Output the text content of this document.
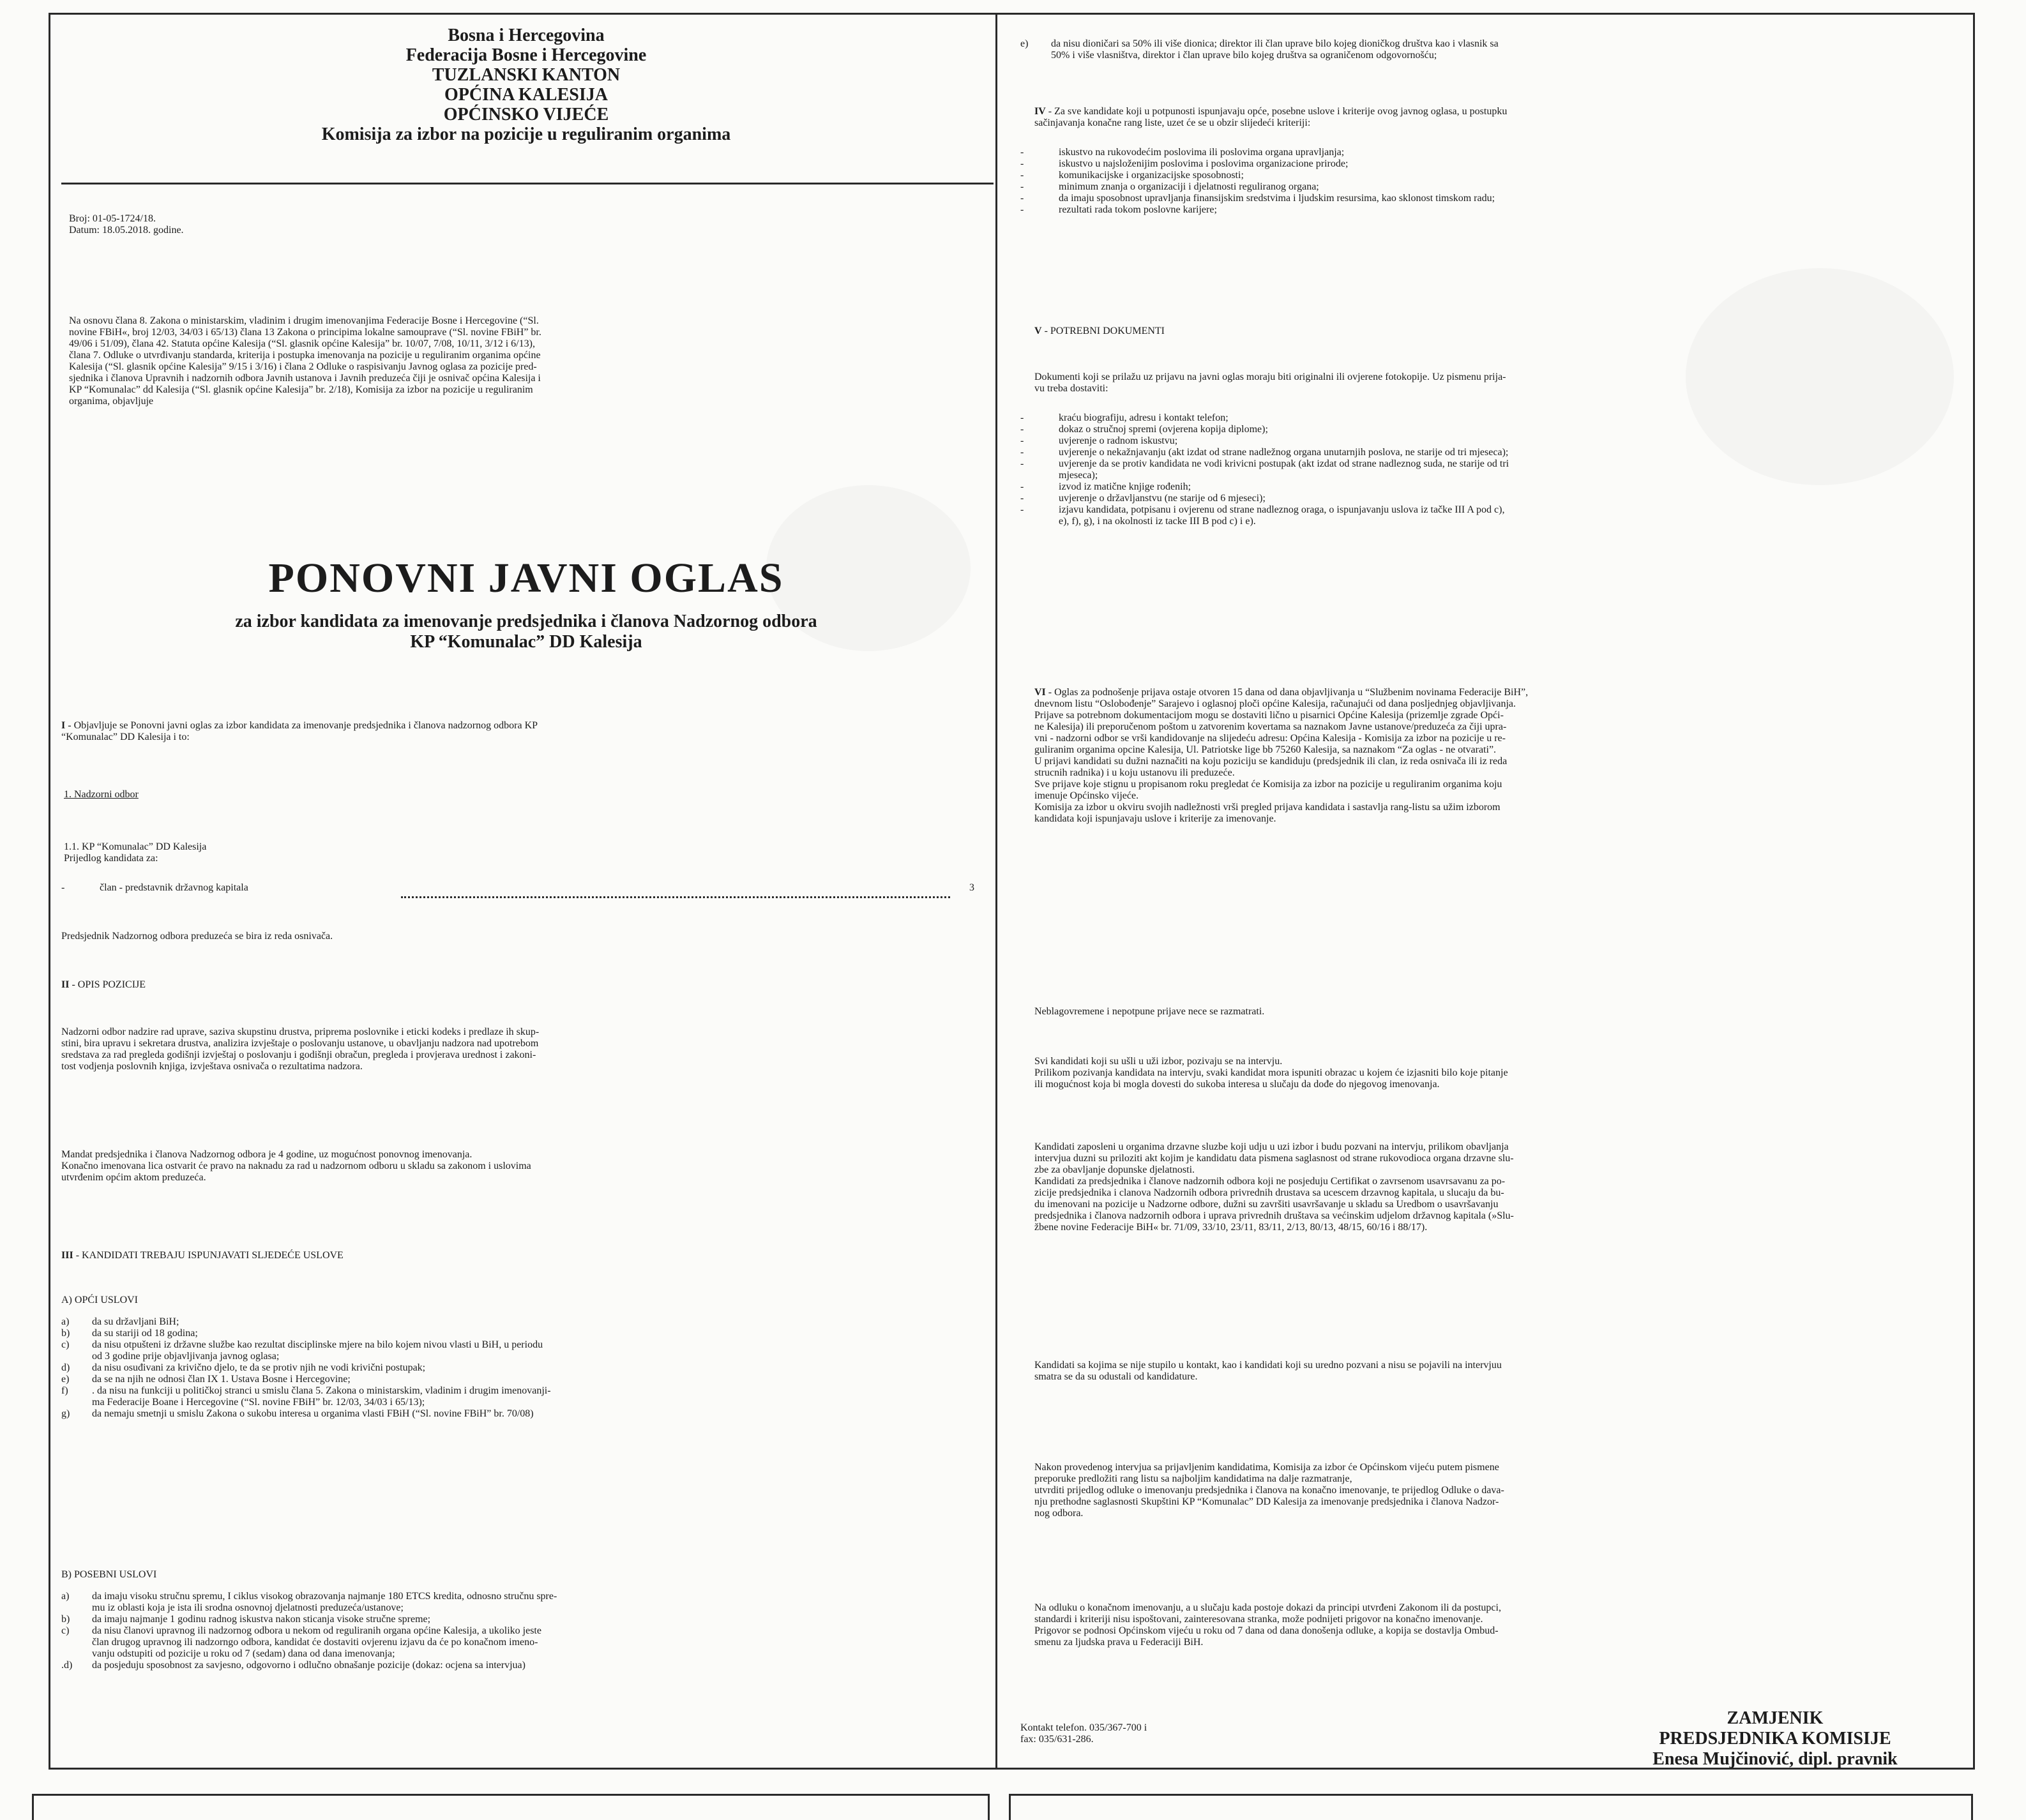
Bosna i Hercegovina
Federacija Bosne i Hercegovine
TUZLANSKI KANTON
OPĆINA KALESIJA
OPĆINSKO VIJEĆE
Komisija za izbor na pozicije u reguliranim organima
Broj: 01-05-1724/18.
Datum: 18.05.2018. godine.
Na osnovu člana 8. Zakona o ministarskim, vladinim i drugim imenovanjima Federacije Bosne i Hercegovine (“Sl.
novine FBiH«, broj 12/03, 34/03 i 65/13) člana 13 Zakona o principima lokalne samouprave (“Sl. novine FBiH” br.
49/06 i 51/09), člana 42. Statuta općine Kalesija (“Sl. glasnik općine Kalesija” br. 10/07, 7/08, 10/11, 3/12 i 6/13),
člana 7. Odluke o utvrđivanju standarda, kriterija i postupka imenovanja na pozicije u reguliranim organima općine
Kalesija (“Sl. glasnik općine Kalesija” 9/15 i 3/16) i člana 2 Odluke o raspisivanju Javnog oglasa za pozicije pred-
sjednika i članova Upravnih i nadzornih odbora Javnih ustanova i Javnih preduzeća čiji je osnivač općina Kalesija i
KP “Komunalac” dd Kalesija (“Sl. glasnik općine Kalesija” br. 2/18), Komisija za izbor na pozicije u reguliranim
organima, objavljuje
PONOVNI JAVNI OGLAS
za izbor kandidata za imenovanje predsjednika i članova Nadzornog odbora
KP “Komunalac” DD Kalesija
I - Objavljuje se Ponovni javni oglas za izbor kandidata za imenovanje predsjednika i članova nadzornog odbora KP
“Komunalac” DD Kalesija i to:
1. Nadzorni odbor
1.1. KP “Komunalac” DD Kalesija
Prijedlog kandidata za:
-	član - predstavnik državnog kapitala	3
Predsjednik Nadzornog odbora preduzeća se bira iz reda osnivača.
II - OPIS POZICIJE
Nadzorni odbor nadzire rad uprave, saziva skupstinu drustva, priprema poslovnike i eticki kodeks i predlaze ih skup-
stini, bira upravu i sekretara drustva, analizira izvještaje o poslovanju ustanove, u obavljanju nadzora nad upotrebom
sredstava za rad pregleda godišnji izvještaj o poslovanju i godišnji obračun, pregleda i provjerava urednost i zakoni-
tost vodjenja poslovnih knjiga, izvještava osnivača o rezultatima nadzora.
Mandat predsjednika i članova Nadzornog odbora je 4 godine, uz mogućnost ponovnog imenovanja.
Konačno imenovana lica ostvarit će pravo na naknadu za rad u nadzornom odboru u skladu sa zakonom i uslovima
utvrđenim općim aktom preduzeća.
III - KANDIDATI TREBAJU ISPUNJAVATI SLJEDEĆE USLOVE
A) OPĆI USLOVI
a) da su državljani BiH;
b) da su stariji od 18 godina;
c) da nisu otpušteni iz državne službe kao rezultat disciplinske mjere na bilo kojem nivou vlasti u BiH, u periodu
od 3 godine prije objavljivanja javnog oglasa;
d) da nisu osuđivani za krivično djelo, te da se protiv njih ne vodi krivični postupak;
e) da se na njih ne odnosi član IX 1. Ustava Bosne i Hercegovine;
f) . da nisu na funkciji u političkoj stranci u smislu člana 5. Zakona o ministarskim, vladinim i drugim imenovanji-
ma Federacije Boane i Hercegovine (“Sl. novine FBiH” br. 12/03, 34/03 i 65/13);
g) da nemaju smetnji u smislu Zakona o sukobu interesa u organima vlasti FBiH (“Sl. novine FBiH” br. 70/08)
B) POSEBNI USLOVI
a) da imaju visoku stručnu spremu, I ciklus visokog obrazovanja najmanje 180 ETCS kredita, odnosno stručnu spre-
mu iz oblasti koja je ista ili srodna osnovnoj djelatnosti preduzeća/ustanove;
b) da imaju najmanje 1 godinu radnog iskustva nakon sticanja visoke stručne spreme;
c) da nisu članovi upravnog ili nadzornog odbora u nekom od reguliranih organa općine Kalesija, a ukoliko jeste
član drugog upravnog ili nadzorngo odbora, kandidat će dostaviti ovjerenu izjavu da će po konačnom imeno-
vanju odstupiti od pozicije u roku od 7 (sedam) dana od dana imenovanja;
.d) da posjeduju sposobnost za savjesno, odgovorno i odlučno obnašanje pozicije (dokaz: ocjena sa intervjua)
e) da nisu dioničari sa 50% ili više dionica; direktor ili član uprave bilo kojeg dioničkog društva kao i vlasnik sa
50% i više vlasništva, direktor i član uprave bilo kojeg društva sa ograničenom odgovornošću;
IV - Za sve kandidate koji u potpunosti ispunjavaju opće, posebne uslove i kriterije ovog javnog oglasa, u postupku
sačinjavanja konačne rang liste, uzet će se u obzir slijedeći kriteriji:
-	iskustvo na rukovodećim poslovima ili poslovima organa upravljanja;
-	iskustvo u najsloženijim poslovima i poslovima organizacione prirode;
-	komunikacijske i organizacijske sposobnosti;
-	minimum znanja o organizaciji i djelatnosti reguliranog organa;
-	da imaju sposobnost upravljanja finansijskim sredstvima i ljudskim resursima, kao sklonost timskom radu;
-	rezultati rada tokom poslovne karijere;
V - POTREBNI DOKUMENTI
Dokumenti koji se prilažu uz prijavu na javni oglas moraju biti originalni ili ovjerene fotokopije. Uz pismenu prija-
vu treba dostaviti:
-	kraću biografiju, adresu i kontakt telefon;
-	dokaz o stručnoj spremi (ovjerena kopija diplome);
-	uvjerenje o radnom iskustvu;
-	uvjerenje o nekažnjavanju (akt izdat od strane nadležnog organa unutarnjih poslova, ne starije od tri mjeseca);
-	uvjerenje da se protiv kandidata ne vodi krivicni postupak (akt izdat od strane nadleznog suda, ne starije od tri
mjeseca);
-	izvod iz matične knjige rođenih;
-	uvjerenje o državljanstvu (ne starije od 6 mjeseci);
-	izjavu kandidata, potpisanu i ovjerenu od strane nadleznog oraga, o ispunjavanju uslova iz tačke III A pod c),
e), f), g), i na okolnosti iz tacke III B pod c) i e).
VI - Oglas za podnošenje prijava ostaje otvoren 15 dana od dana objavljivanja u “Službenim novinama Federacije BiH”,
dnevnom listu “Oslobođenje” Sarajevo i oglasnoj ploči općine Kalesija, računajući od dana posljednjeg objavljivanja.
Prijave sa potrebnom dokumentacijom mogu se dostaviti lično u pisarnici Općine Kalesija (prizemlje zgrade Opći-
ne Kalesija) ili preporučenom poštom u zatvorenim kovertama sa naznakom Javne ustanove/preduzeća za čiji upra-
vni - nadzorni odbor se vrši kandidovanje na slijedeću adresu: Općina Kalesija - Komisija za izbor na pozicije u re-
guliranim organima opcine Kalesija, Ul. Patriotske lige bb 75260 Kalesija, sa naznakom “Za oglas - ne otvarati”.
U prijavi kandidati su dužni naznačiti na koju poziciju se kandiduju (predsjednik ili clan, iz reda osnivača ili iz reda
strucnih radnika) i u koju ustanovu ili preduzeće.
Sve prijave koje stignu u propisanom roku pregledat će Komisija za izbor na pozicije u reguliranim organima koju
imenuje Općinsko vijeće.
Komisija za izbor u okviru svojih nadležnosti vrši pregled prijava kandidata i sastavlja rang-listu sa užim izborom
kandidata koji ispunjavaju uslove i kriterije za imenovanje.
Neblagovremene i nepotpune prijave nece se razmatrati.
Svi kandidati koji su ušli u uži izbor, pozivaju se na intervju.
Prilikom pozivanja kandidata na intervju, svaki kandidat mora ispuniti obrazac u kojem će izjasniti bilo koje pitanje
ili mogućnost koja bi mogla dovesti do sukoba interesa u slučaju da dođe do njegovog imenovanja.
Kandidati zaposleni u organima drzavne sluzbe koji udju u uzi izbor i budu pozvani na intervju, prilikom obavljanja
intervjua duzni su priloziti akt kojim je kandidatu data pismena saglasnost od strane rukovodioca organa drzavne slu-
zbe za obavljanje dopunske djelatnosti.
Kandidati za predsjednika i članove nadzornih odbora koji ne posjeduju Certifikat o zavrsenom usavrsavanu za po-
zicije predsjednika i clanova Nadzornih odbora privrednih drustava sa ucescem drzavnog kapitala, u slucaju da bu-
du imenovani na pozicije u Nadzorne odbore, dužni su završiti usavršavanje u skladu sa Uredbom o usavršavanju
predsjednika i članova nadzornih odbora i uprava privrednih društava sa većinskim udjelom državnog kapitala (»Slu-
žbene novine Federacije BiH« br. 71/09, 33/10, 23/11, 83/11, 2/13, 80/13, 48/15, 60/16 i 88/17).
Kandidati sa kojima se nije stupilo u kontakt, kao i kandidati koji su uredno pozvani a nisu se pojavili na intervjuu
smatra se da su odustali od kandidature.
Nakon provedenog intervjua sa prijavljenim kandidatima, Komisija za izbor će Općinskom vijeću putem pismene
preporuke predložiti rang listu sa najboljim kandidatima na dalje razmatranje,
utvrditi prijedlog odluke o imenovanju predsjednika i članova na konačno imenovanje, te prijedlog Odluke o dava-
nju prethodne saglasnosti Skupštini KP “Komunalac” DD Kalesija za imenovanje predsjednika i članova Nadzor-
nog odbora.
Na odluku o konačnom imenovanju, a u slučaju kada postoje dokazi da principi utvrđeni Zakonom ili da postupci,
standardi i kriteriji nisu ispoštovani, zainteresovana stranka, može podnijeti prigovor na konačno imenovanje.
Prigovor se podnosi Općinskom vijeću u roku od 7 dana od dana donošenja odluke, a kopija se dostavlja Ombud-
smenu za ljudska prava u Federaciji BiH.
Kontakt telefon. 035/367-700 i
fax: 035/631-286.
ZAMJENIK
PREDSJEDNIKA KOMISIJE
Enesa Mujčinović, dipl. pravnik
